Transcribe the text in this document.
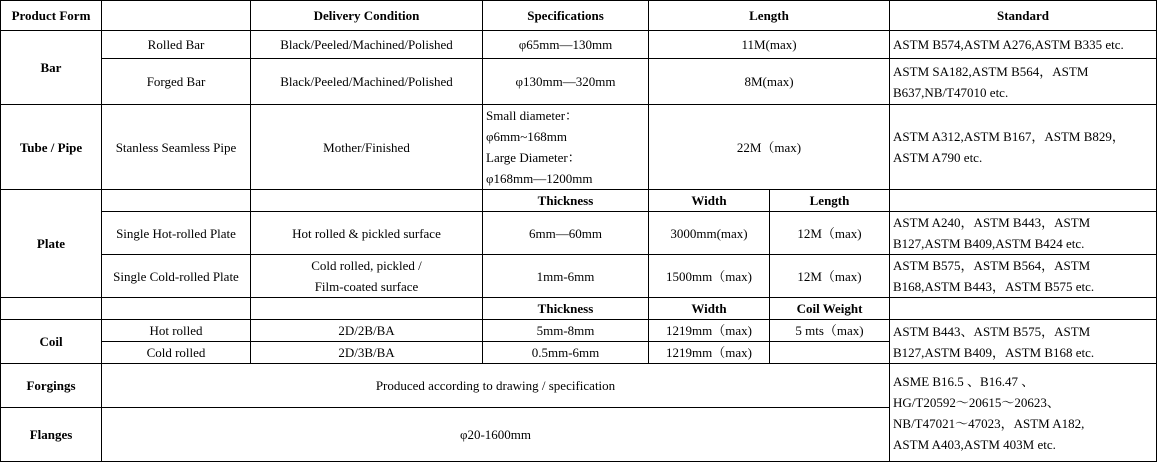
Product Form		Delivery Condition	Specifications	Length		Standard
Bar	Rolled Bar	Black/Peeled/Machined/Polished	φ65mm—130mm	11M(max)		ASTM B574,ASTM A276,ASTM B335 etc.
	Forged Bar	Black/Peeled/Machined/Polished	φ130mm—320mm	8M(max)		ASTM SA182,ASTM B564，ASTM B637,NB/T47010 etc.
Tube / Pipe	Stanless Seamless Pipe	Mother/Finished	Small diameter：
φ6mm~168mm
Large Diameter：
φ168mm—1200mm	22M（max)		ASTM A312,ASTM B167，ASTM B829，ASTM A790 etc.
Plate			Thickness	Width	Length	
	Single Hot-rolled Plate	Hot rolled & pickled surface	6mm—60mm	3000mm(max)	12M（max)	ASTM A240，ASTM B443，ASTM B127,ASTM B409,ASTM B424 etc.
	Single Cold-rolled Plate	Cold rolled, pickled /
Film-coated surface	1mm-6mm	1500mm（max)	12M（max)	ASTM B575，ASTM B564，ASTM B168,ASTM B443，ASTM B575 etc.
			Thickness	Width	Coil Weight	
Coil	Hot rolled	2D/2B/BA	5mm-8mm	1219mm（max)	5 mts（max)	ASTM B443、ASTM B575，ASTM B127,ASTM B409，ASTM B168 etc.
	Cold rolled	2D/3B/BA	0.5mm-6mm	1219mm（max)		
Forgings	Produced according to drawing / specification					ASME B16.5 、B16.47 、
HG/T20592～20615～20623、
NB/T47021～47023，ASTM A182,
ASTM A403,ASTM 403M etc.

Flanges	φ20-1600mm					
